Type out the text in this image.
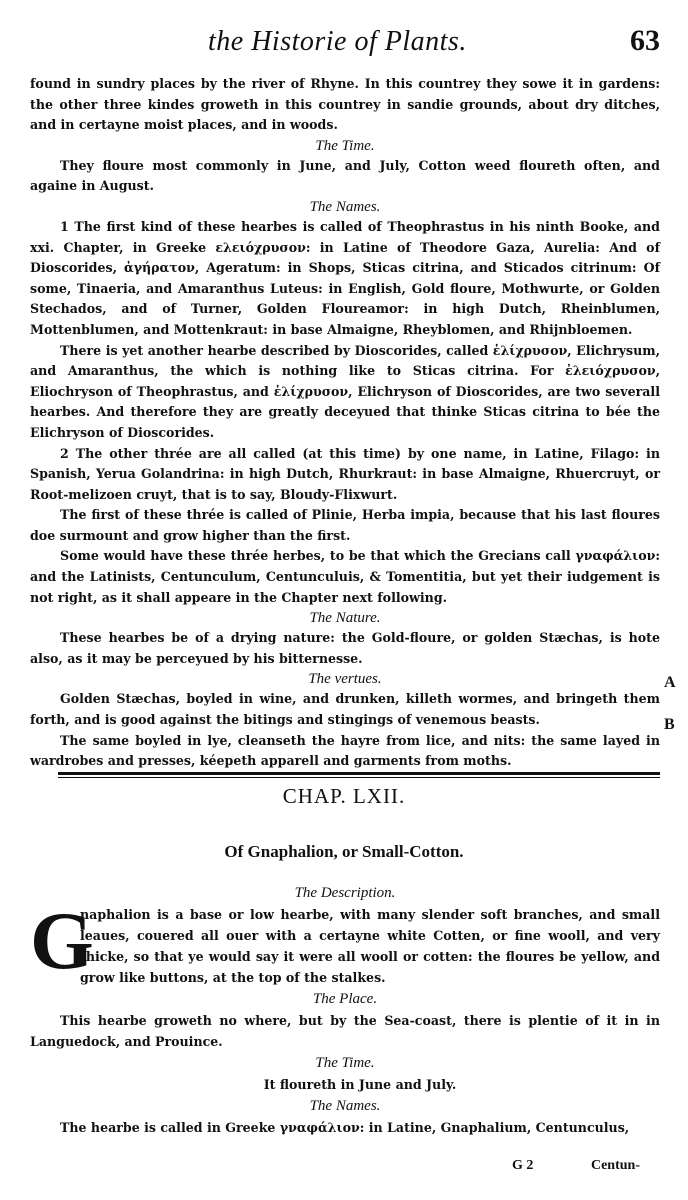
the Historie of Plants.	63

found in sundry places by the river of Rhyne. In this countrey they sowe it in gardens: the other three kindes groweth in this countrey in sandie grounds, about dry ditches, and in certayne moist places, and in woods.

The Time.

They floure most commonly in June, and July, Cotton weed floureth often, and againe in August.

The Names.

1 The first kind of these hearbes is called of Theophrastus in his ninth Booke, and xxi. Chapter, in Greeke ελειόχρυσον: in Latine of Theodore Gaza, Aurelia: And of Dioscorides, ἀγήρατον, Ageratum: in Shops, Sticas citrina, and Sticados citrinum: Of some, Tinaeria, and Amaranthus Luteus: in English, Gold floure, Mothwurte, or Golden Stechados, and of Turner, Golden Floureamor: in high Dutch, Rheinblumen, Mottenblumen, and Mottenkraut: in base Almaigne, Rheyblomen, and Rhijnbloemen.

There is yet another hearbe described by Dioscorides, called ἑλίχρυσον, Elichrysum, and Amaranthus, the which is nothing like to Sticas citrina. For ἐλειόχρυσον, Eliochryson of Theophrastus, and ἑλίχρυσον, Elichryson of Dioscorides, are two severall hearbes. And therefore they are greatly deceyued that thinke Sticas citrina to bée the Elichryson of Dioscorides.

2 The other thrée are all called (at this time) by one name, in Latine, Filago: in Spanish, Yerua Golandrina: in high Dutch, Rhurkraut: in base Almaigne, Rhuercruyt, or Root-melizoen cruyt, that is to say, Bloudy-Flixwurt.

The first of these thrée is called of Plinie, Herba impia, because that his last floures doe surmount and grow higher than the first.

Some would have these thrée herbes, to be that which the Grecians call γναφάλιον: and the Latinists, Centunculum, Centunculuis, & Tomentitia, but yet their iudgement is not right, as it shall appeare in the Chapter next following.

The Nature.

These hearbes be of a drying nature: the Gold-floure, or golden Stæchas, is hote also, as it may be perceyued by his bitternesse.

The vertues.

Golden Stæchas, boyled in wine, and drunken, killeth wormes, and bringeth them forth, and is good against the bitings and stingings of venemous beasts.

The same boyled in lye, cleanseth the hayre from lice, and nits: the same layed in wardrobes and presses, kéepeth apparell and garments from moths.

A
B
CHAP. LXII.
Of Gnaphalion, or Small-Cotton.

The Description.

G

naphalion is a base or low hearbe, with many slender soft branches, and small leaues, couered all ouer with a certayne white Cotten, or fine wooll, and very thicke, so that ye would say it were all wooll or cotten: the floures be yellow, and grow like buttons, at the top of the stalkes.

The Place.

This hearbe groweth no where, but by the Sea-coast, there is plentie of it in in Languedock, and Prouince.

The Time.

It floureth in June and July.

The Names.

The hearbe is called in Greeke γναφάλιον: in Latine, Gnaphalium, Centunculus,

G 2	Centun-
